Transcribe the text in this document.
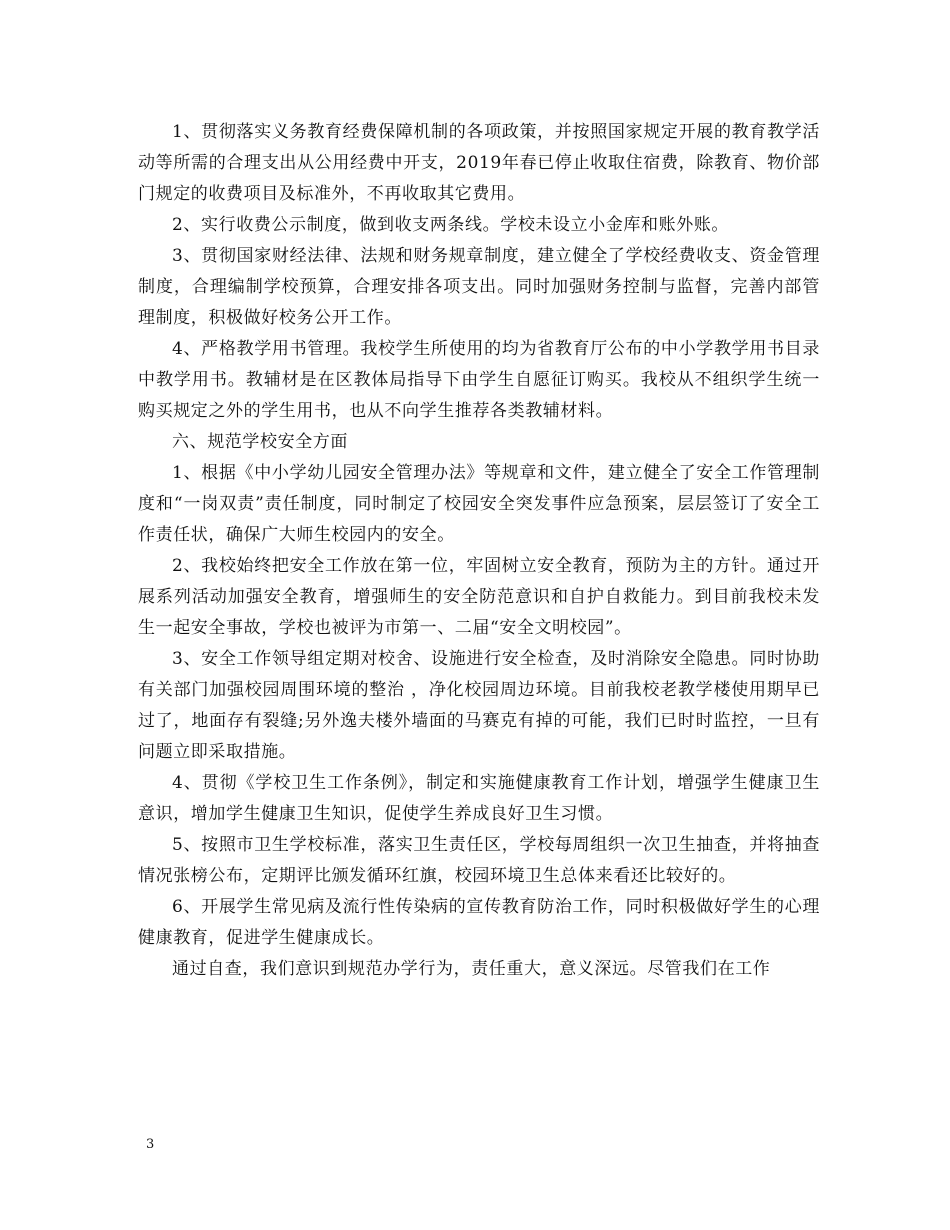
1、贯彻落实义务教育经费保障机制的各项政策，并按照国家规定开展的教育教学活动等所需的合理支出从公用经费中开支，2019年春已停止收取住宿费，除教育、物价部门规定的收费项目及标准外，不再收取其它费用。

2、实行收费公示制度，做到收支两条线。学校未设立小金库和账外账。

3、贯彻国家财经法律、法规和财务规章制度，建立健全了学校经费收支、资金管理制度，合理编制学校预算，合理安排各项支出。同时加强财务控制与监督，完善内部管理制度，积极做好校务公开工作。

4、严格教学用书管理。我校学生所使用的均为省教育厅公布的中小学教学用书目录中教学用书。教辅材是在区教体局指导下由学生自愿征订购买。我校从不组织学生统一购买规定之外的学生用书，也从不向学生推荐各类教辅材料。

六、规范学校安全方面

1、根据《中小学幼儿园安全管理办法》等规章和文件，建立健全了安全工作管理制度和“一岗双责”责任制度，同时制定了校园安全突发事件应急预案，层层签订了安全工作责任状，确保广大师生校园内的安全。

2、我校始终把安全工作放在第一位，牢固树立安全教育，预防为主的方针。通过开展系列活动加强安全教育，增强师生的安全防范意识和自护自救能力。到目前我校未发生一起安全事故，学校也被评为市第一、二届“安全文明校园”。

3、安全工作领导组定期对校舍、设施进行安全检查，及时消除安全隐患。同时协助有关部门加强校园周围环境的整治 ，净化校园周边环境。目前我校老教学楼使用期早已过了，地面存有裂缝;另外逸夫楼外墙面的马赛克有掉的可能，我们已时时监控，一旦有问题立即采取措施。

4、贯彻《学校卫生工作条例》，制定和实施健康教育工作计划，增强学生健康卫生意识，增加学生健康卫生知识，促使学生养成良好卫生习惯。

5、按照市卫生学校标准，落实卫生责任区，学校每周组织一次卫生抽查，并将抽查情况张榜公布，定期评比颁发循环红旗，校园环境卫生总体来看还比较好的。

6、开展学生常见病及流行性传染病的宣传教育防治工作，同时积极做好学生的心理健康教育，促进学生健康成长。

通过自查，我们意识到规范办学行为，责任重大，意义深远。尽管我们在工作

3
